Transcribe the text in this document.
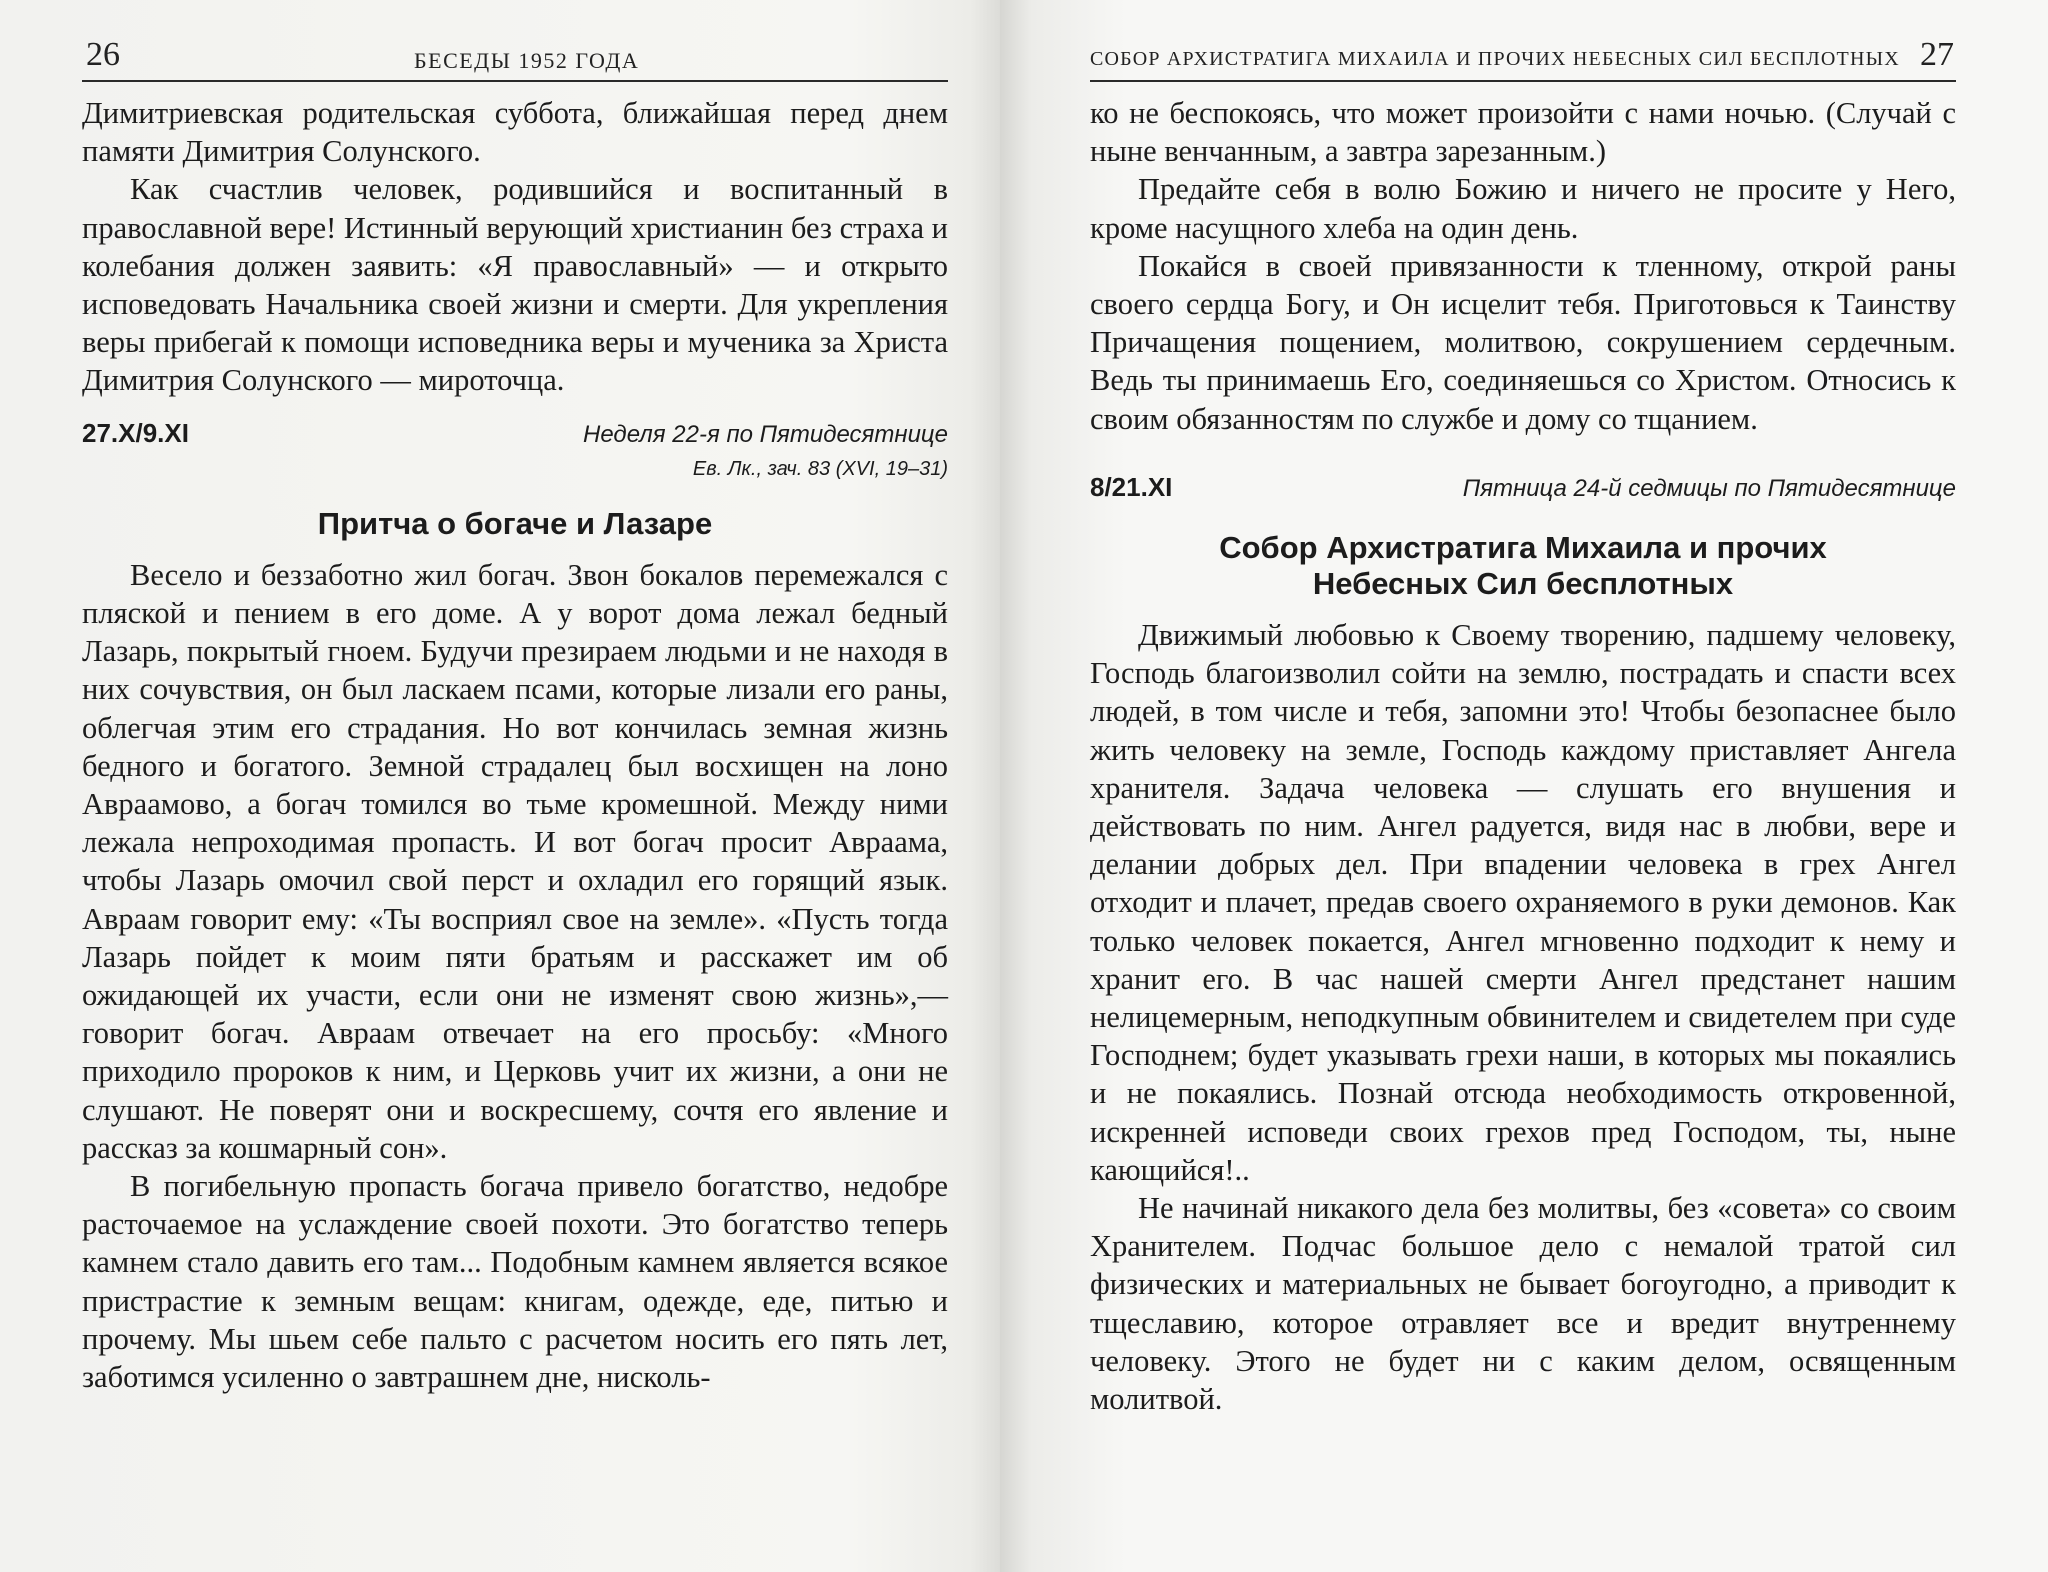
26	БЕСЕДЫ 1952 ГОДА

Димитриевская родительская суббота, ближайшая перед днем памяти Димитрия Солунского.

Как счастлив человек, родившийся и воспитанный в православной вере! Истинный верующий христианин без страха и колебания должен заявить: «Я православный» — и открыто исповедовать Начальника своей жизни и смерти. Для укрепления веры прибегай к помощи исповедника веры и мученика за Христа Димитрия Солунского — мироточца.

27.X/9.XI	Неделя 22-я по Пятидесятнице
Ев. Лк., зач. 83 (XVI, 19–31)
Притча о богаче и Лазаре

Весело и беззаботно жил богач. Звон бокалов перемежался с пляской и пением в его доме. А у ворот дома лежал бедный Лазарь, покрытый гноем. Будучи презираем людьми и не находя в них сочувствия, он был ласкаем псами, которые лизали его раны, облегчая этим его страдания. Но вот кончилась земная жизнь бедного и богатого. Земной страдалец был восхищен на лоно Авраамово, а богач томился во тьме кромешной. Между ними лежала непроходимая пропасть. И вот богач просит Авраама, чтобы Лазарь омочил свой перст и охладил его горящий язык. Авраам говорит ему: «Ты восприял свое на земле». «Пусть тогда Лазарь пойдет к моим пяти братьям и расскажет им об ожидающей их участи, если они не изменят свою жизнь»,— говорит богач. Авраам отвечает на его просьбу: «Много приходило пророков к ним, и Церковь учит их жизни, а они не слушают. Не поверят они и воскресшему, сочтя его явление и рассказ за кошмарный сон».

В погибельную пропасть богача привело богатство, недобре расточаемое на услаждение своей похоти. Это богатство теперь камнем стало давить его там... Подобным камнем является всякое пристрастие к земным вещам: книгам, одежде, еде, питью и прочему. Мы шьем себе пальто с расчетом носить его пять лет, заботимся усиленно о завтрашнем дне, нисколь-

СОБОР АРХИСТРАТИГА МИХАИЛА И ПРОЧИХ НЕБЕСНЫХ СИЛ БЕСПЛОТНЫХ 27

ко не беспокоясь, что может произойти с нами ночью. (Случай с ныне венчанным, а завтра зарезанным.)

Предайте себя в волю Божию и ничего не просите у Него, кроме насущного хлеба на один день.

Покайся в своей привязанности к тленному, открой раны своего сердца Богу, и Он исцелит тебя. Приготовься к Таинству Причащения пощением, молитвою, сокрушением сердечным. Ведь ты принимаешь Его, соединяешься со Христом. Относись к своим обязанностям по службе и дому со тщанием.

8/21.XI	Пятница 24-й седмицы по Пятидесятнице
Собор Архистратига Михаила и прочих
Небесных Сил бесплотных

Движимый любовью к Своему творению, падшему человеку, Господь благоизволил сойти на землю, пострадать и спасти всех людей, в том числе и тебя, запомни это! Чтобы безопаснее было жить человеку на земле, Господь каждому приставляет Ангела хранителя. Задача человека — слушать его внушения и действовать по ним. Ангел радуется, видя нас в любви, вере и делании добрых дел. При впадении человека в грех Ангел отходит и плачет, предав своего охраняемого в руки демонов. Как только человек покается, Ангел мгновенно подходит к нему и хранит его. В час нашей смерти Ангел предстанет нашим нелицемерным, неподкупным обвинителем и свидетелем при суде Господнем; будет указывать грехи наши, в которых мы покаялись и не покаялись. Познай отсюда необходимость откровенной, искренней исповеди своих грехов пред Господом, ты, ныне кающийся!..

Не начинай никакого дела без молитвы, без «совета» со своим Хранителем. Подчас большое дело с немалой тратой сил физических и материальных не бывает богоугодно, а приводит к тщеславию, которое отравляет все и вредит внутреннему человеку. Этого не будет ни с каким делом, освященным молитвой.
